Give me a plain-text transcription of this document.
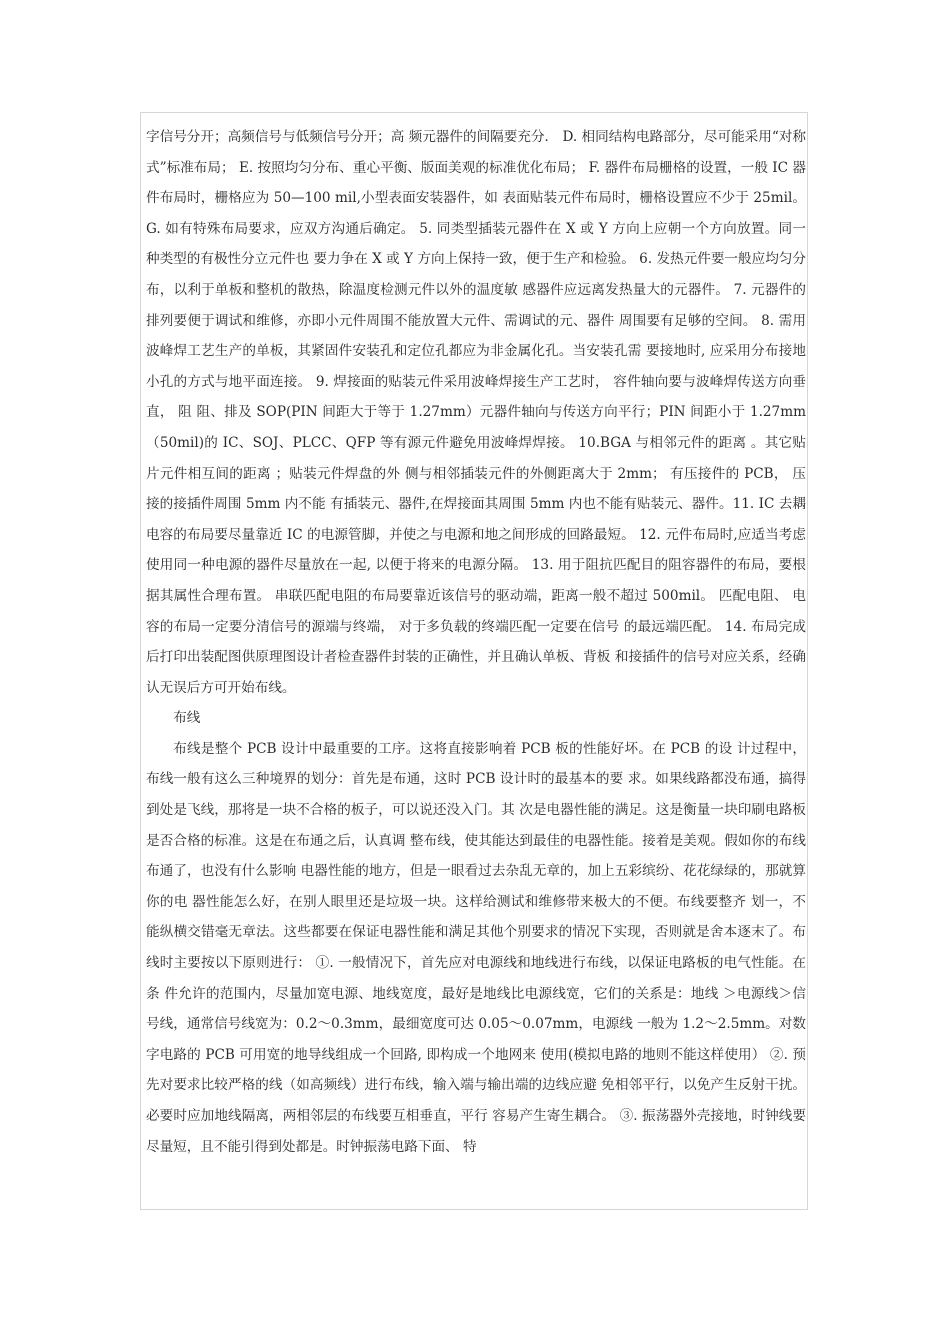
字信号分开；高频信号与低频信号分开；高 频元器件的间隔要充分． D. 相同结构电路部分，尽可能采用“对称式”标准布局； E. 按照均匀分布、重心平衡、版面美观的标准优化布局； F. 器件布局栅格的设置，一般 IC 器件布局时，栅格应为 50—100 mil,小型表面安装器件，如 表面贴装元件布局时，栅格设置应不少于 25mil。 G. 如有特殊布局要求，应双方沟通后确定。 5. 同类型插装元器件在 X 或 Y 方向上应朝一个方向放置。同一种类型的有极性分立元件也 要力争在 X 或 Y 方向上保持一致，便于生产和检验。 6. 发热元件要一般应均匀分布，以利于单板和整机的散热，除温度检测元件以外的温度敏 感器件应远离发热量大的元器件。 7. 元器件的排列要便于调试和维修，亦即小元件周围不能放置大元件、需调试的元、器件 周围要有足够的空间。 8. 需用波峰焊工艺生产的单板，其紧固件安装孔和定位孔都应为非金属化孔。当安装孔需 要接地时, 应采用分布接地小孔的方式与地平面连接。 9. 焊接面的贴装元件采用波峰焊接生产工艺时， 容件轴向要与波峰焊传送方向垂直， 阻 阻、排及 SOP(PIN 间距大于等于 1.27mm）元器件轴向与传送方向平行；PIN 间距小于 1.27mm （50mil)的 IC、SOJ、PLCC、QFP 等有源元件避免用波峰焊焊接。 10.BGA 与相邻元件的距离 。其它贴片元件相互间的距离 ；贴装元件焊盘的外 侧与相邻插装元件的外侧距离大于 2mm； 有压接件的 PCB， 压接的接插件周围 5mm 内不能 有插装元、器件,在焊接面其周围 5mm 内也不能有贴装元、器件。11. IC 去耦电容的布局要尽量靠近 IC 的电源管脚，并使之与电源和地之间形成的回路最短。 12. 元件布局时,应适当考虑使用同一种电源的器件尽量放在一起, 以便于将来的电源分隔。 13. 用于阻抗匹配目的阻容器件的布局，要根据其属性合理布置。 串联匹配电阻的布局要靠近该信号的驱动端，距离一般不超过 500mil。 匹配电阻、 电容的布局一定要分清信号的源端与终端， 对于多负载的终端匹配一定要在信号 的最远端匹配。 14. 布局完成后打印出装配图供原理图设计者检查器件封装的正确性，并且确认单板、背板 和接插件的信号对应关系，经确认无误后方可开始布线。

布线

布线是整个 PCB 设计中最重要的工序。这将直接影响着 PCB 板的性能好坏。在 PCB 的设 计过程中，布线一般有这么三种境界的划分：首先是布通，这时 PCB 设计时的最基本的要 求。如果线路都没布通，搞得到处是飞线，那将是一块不合格的板子，可以说还没入门。其 次是电器性能的满足。这是衡量一块印刷电路板是否合格的标准。这是在布通之后，认真调 整布线，使其能达到最佳的电器性能。接着是美观。假如你的布线布通了，也没有什么影响 电器性能的地方，但是一眼看过去杂乱无章的，加上五彩缤纷、花花绿绿的，那就算你的电 器性能怎么好，在别人眼里还是垃圾一块。这样给测试和维修带来极大的不便。布线要整齐 划一，不能纵横交错毫无章法。这些都要在保证电器性能和满足其他个别要求的情况下实现，否则就是舍本逐末了。布线时主要按以下原则进行： ①. 一般情况下，首先应对电源线和地线进行布线，以保证电路板的电气性能。在条 件允许的范围内，尽量加宽电源、地线宽度，最好是地线比电源线宽，它们的关系是：地线 ＞电源线＞信号线，通常信号线宽为：0.2～0.3mm，最细宽度可达 0.05～0.07mm，电源线 一般为 1.2～2.5mm。对数字电路的 PCB 可用宽的地导线组成一个回路, 即构成一个地网来 使用(模拟电路的地则不能这样使用） ②. 预先对要求比较严格的线（如高频线）进行布线，输入端与输出端的边线应避 免相邻平行，以免产生反射干扰。必要时应加地线隔离，两相邻层的布线要互相垂直，平行 容易产生寄生耦合。 ③. 振荡器外壳接地，时钟线要尽量短，且不能引得到处都是。时钟振荡电路下面、 特
